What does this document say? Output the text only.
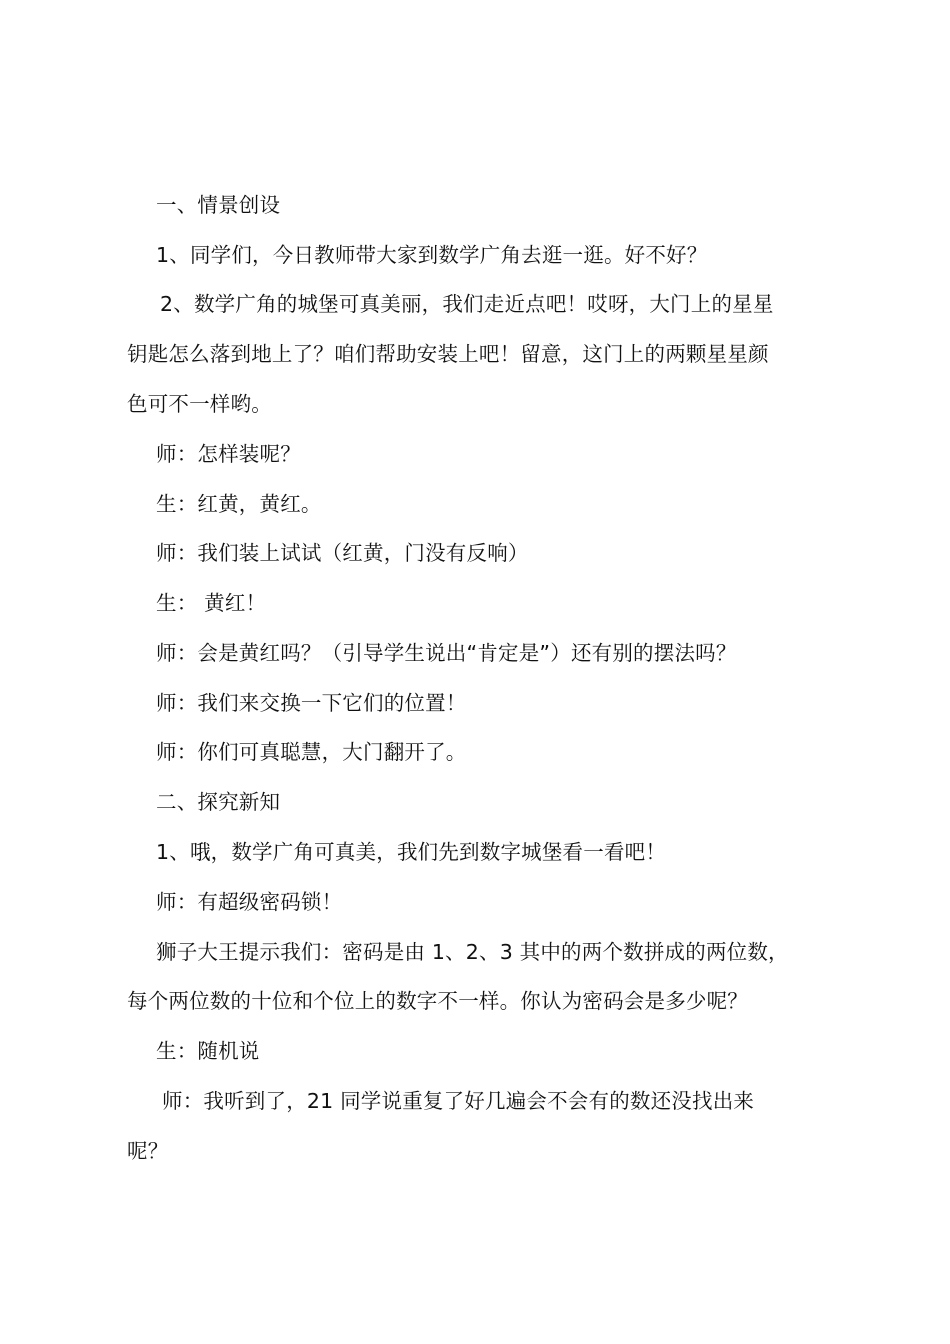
一、情景创设
1、同学们，今日教师带大家到数学广角去逛一逛。好不好？
2、数学广角的城堡可真美丽，我们走近点吧！哎呀，大门上的星星
钥匙怎么落到地上了？咱们帮助安装上吧！留意，这门上的两颗星星颜
色可不一样哟。
师：怎样装呢？
生：红黄，黄红。
师：我们装上试试（红黄，门没有反响）
生： 黄红！
师：会是黄红吗？（引导学生说出“肯定是”）还有别的摆法吗？
师：我们来交换一下它们的位置！
师：你们可真聪慧，大门翻开了。
二、探究新知
1、哦，数学广角可真美，我们先到数字城堡看一看吧！
师：有超级密码锁！
狮子大王提示我们：密码是由 1、2、3 其中的两个数拼成的两位数，
每个两位数的十位和个位上的数字不一样。你认为密码会是多少呢？
生：随机说
师：我听到了，21 同学说重复了好几遍会不会有的数还没找出来
呢？
